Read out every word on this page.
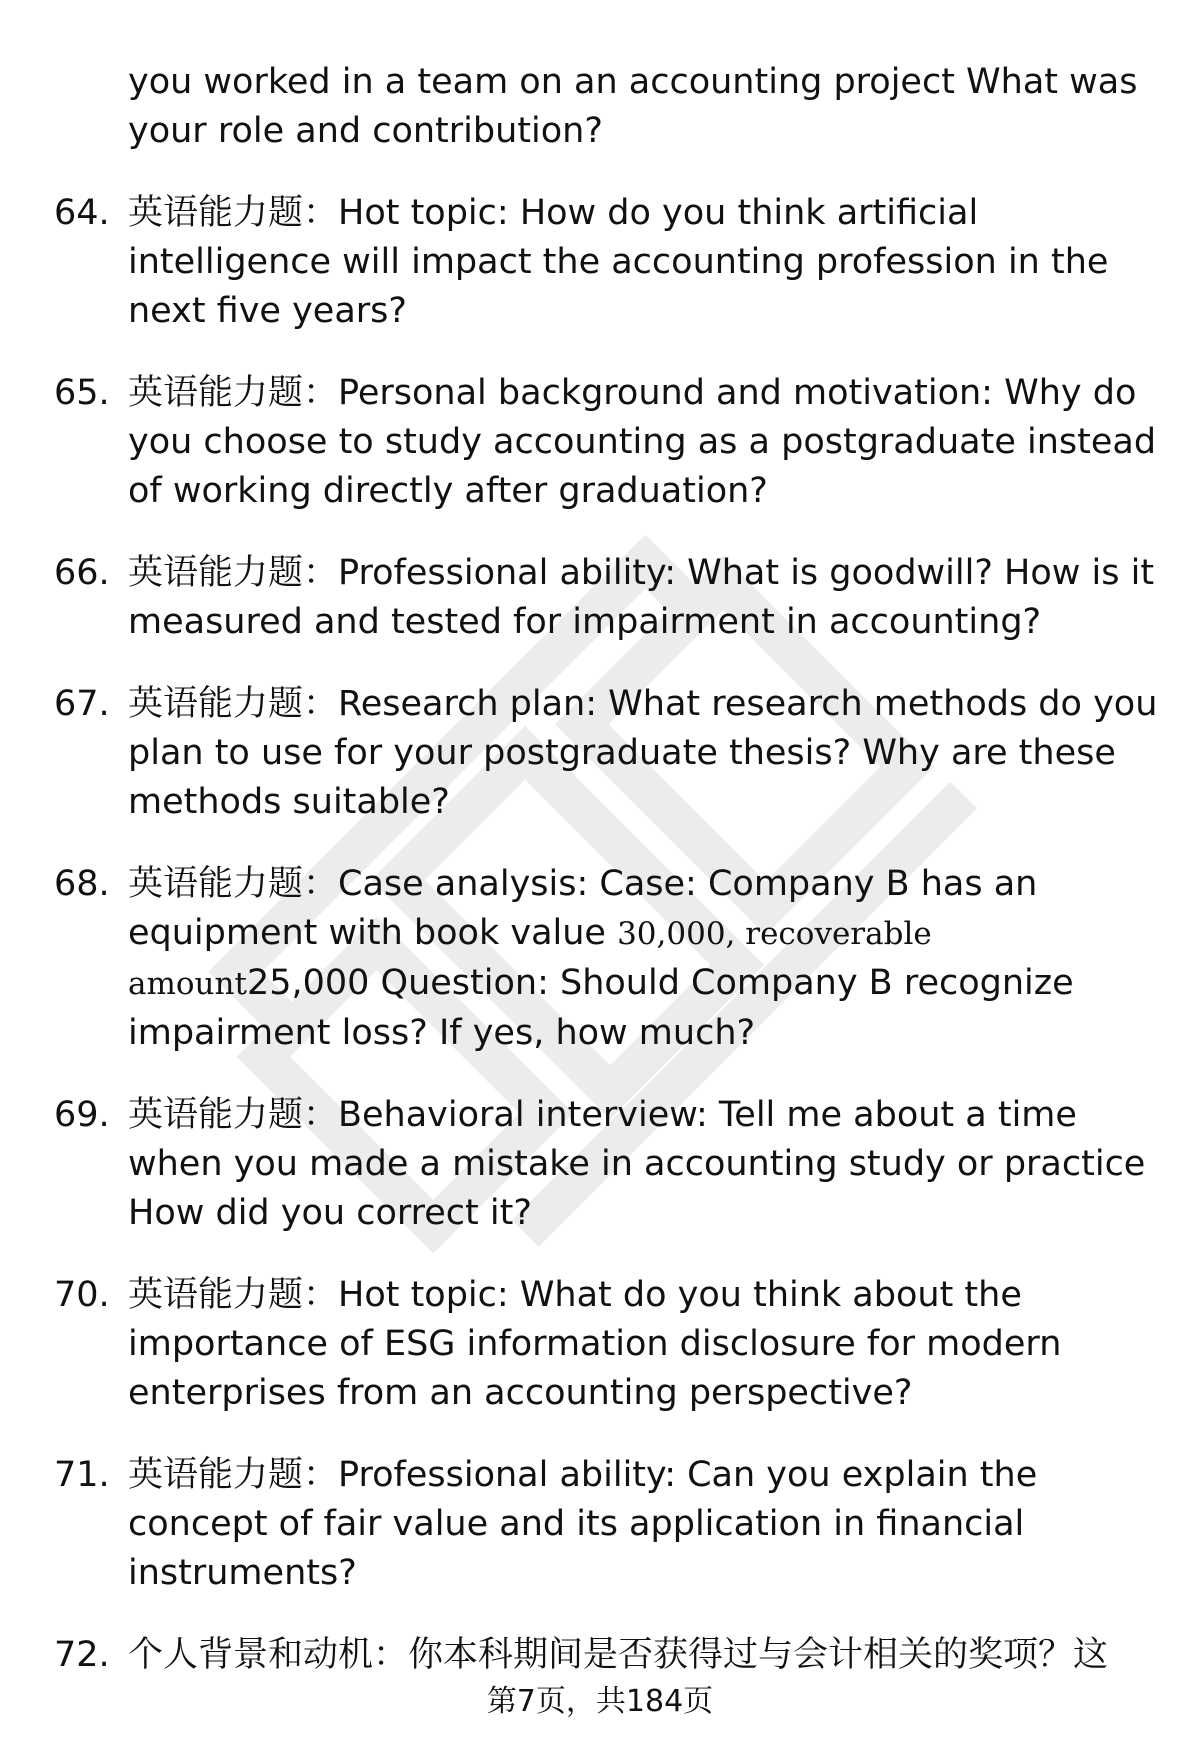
you worked in a team on an accounting project What was your role and contribution?
64. 英语能力题：Hot topic: How do you think artificial intelligence will impact the accounting profession in the next five years?
65. 英语能力题：Personal background and motivation: Why do you choose to study accounting as a postgraduate instead of working directly after graduation?
66. 英语能力题：Professional ability: What is goodwill? How is it measured and tested for impairment in accounting?
67. 英语能力题：Research plan: What research methods do you plan to use for your postgraduate thesis? Why are these methods suitable?
68. 英语能力题：Case analysis: Case: Company B has an equipment with book value 30,000, recoverable amount25,000 Question: Should Company B recognize impairment loss? If yes, how much?
69. 英语能力题：Behavioral interview: Tell me about a time when you made a mistake in accounting study or practice How did you correct it?
70. 英语能力题：Hot topic: What do you think about the importance of ESG information disclosure for modern enterprises from an accounting perspective?
71. 英语能力题：Professional ability: Can you explain the concept of fair value and its application in financial instruments?
72. 个人背景和动机：你本科期间是否获得过与会计相关的奖项？这
第7页，共184页
